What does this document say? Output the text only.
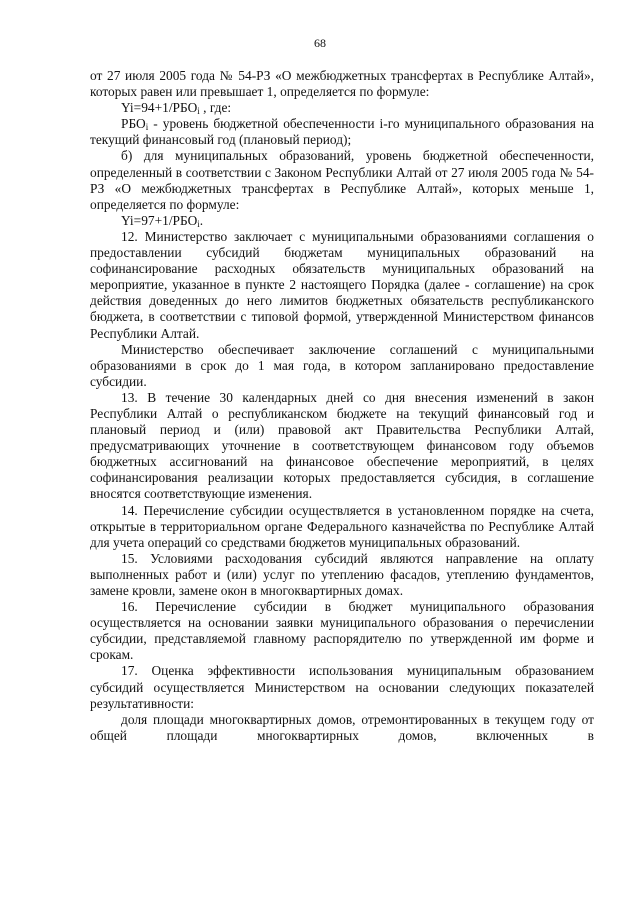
68

от 27 июля 2005 года № 54-РЗ «О межбюджетных трансфертах в Республике Алтай», которых равен или превышает 1, определяется по формуле:

$Yi=94+1/РБО_i$ , где:

$РБО_i$ - уровень бюджетной обеспеченности i-го муниципального образования на текущий финансовый год (плановый период);

б) для муниципальных образований, уровень бюджетной обеспеченности, определенный в соответствии с Законом Республики Алтай от 27 июля 2005 года № 54-РЗ «О межбюджетных трансфертах в Республике Алтай», которых меньше 1, определяется по формуле:

$Yi=97+1/РБО_i$.

12. Министерство заключает с муниципальными образованиями соглашения о предоставлении субсидий бюджетам муниципальных образований на софинансирование расходных обязательств муниципальных образований на мероприятие, указанное в пункте 2 настоящего Порядка (далее - соглашение) на срок действия доведенных до него лимитов бюджетных обязательств республиканского бюджета, в соответствии с типовой формой, утвержденной Министерством финансов Республики Алтай.

Министерство обеспечивает заключение соглашений с муниципальными образованиями в срок до 1 мая года, в котором запланировано предоставление субсидии.

13. В течение 30 календарных дней со дня внесения изменений в закон Республики Алтай о республиканском бюджете на текущий финансовый год и плановый период и (или) правовой акт Правительства Республики Алтай, предусматривающих уточнение в соответствующем финансовом году объемов бюджетных ассигнований на финансовое обеспечение мероприятий, в целях софинансирования реализации которых предоставляется субсидия, в соглашение вносятся соответствующие изменения.

14. Перечисление субсидии осуществляется в установленном порядке на счета, открытые в территориальном органе Федерального казначейства по Республике Алтай для учета операций со средствами бюджетов муниципальных образований.

15. Условиями расходования субсидий являются направление на оплату выполненных работ и (или) услуг по утеплению фасадов, утеплению фундаментов, замене кровли, замене окон в многоквартирных домах.

16. Перечисление субсидии в бюджет муниципального образования осуществляется на основании заявки муниципального образования о перечислении субсидии, представляемой главному распорядителю по утвержденной им форме и срокам.

17. Оценка эффективности использования муниципальным образованием субсидий осуществляется Министерством на основании следующих показателей результативности:

доля площади многоквартирных домов, отремонтированных в текущем году от общей площади многоквартирных домов, включенных в
